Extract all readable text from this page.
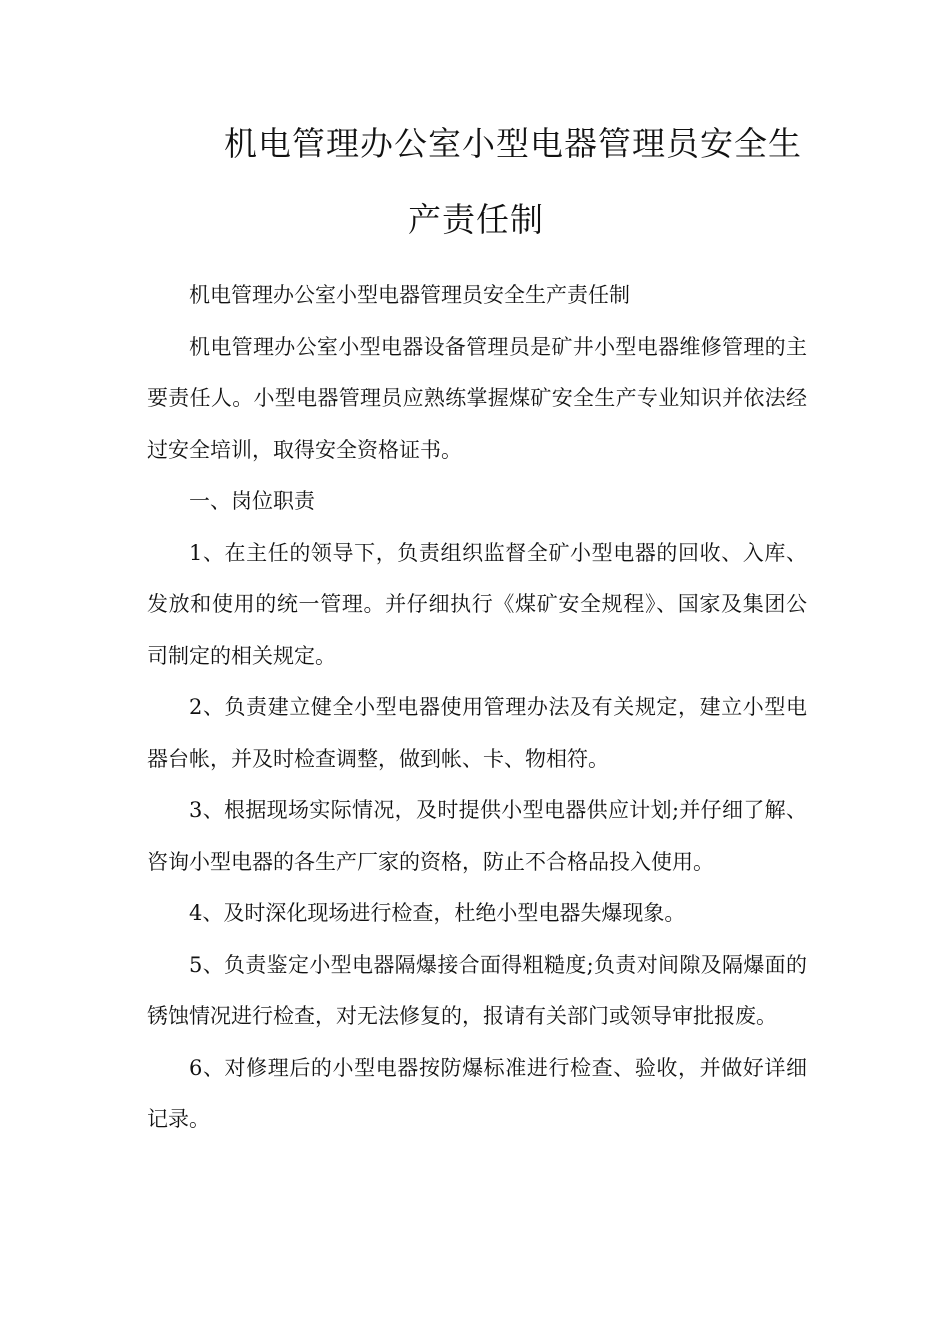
机电管理办公室小型电器管理员安全生
产责任制

机电管理办公室小型电器管理员安全生产责任制

机电管理办公室小型电器设备管理员是矿井小型电器维修管理的主要责任人。小型电器管理员应熟练掌握煤矿安全生产专业知识并依法经过安全培训，取得安全资格证书。

一、岗位职责

1、在主任的领导下，负责组织监督全矿小型电器的回收、入库、发放和使用的统一管理。并仔细执行《煤矿安全规程》、国家及集团公司制定的相关规定。

2、负责建立健全小型电器使用管理办法及有关规定，建立小型电器台帐，并及时检查调整，做到帐、卡、物相符。

3、根据现场实际情况，及时提供小型电器供应计划;并仔细了解、咨询小型电器的各生产厂家的资格，防止不合格品投入使用。

4、及时深化现场进行检查，杜绝小型电器失爆现象。

5、负责鉴定小型电器隔爆接合面得粗糙度;负责对间隙及隔爆面的锈蚀情况进行检查，对无法修复的，报请有关部门或领导审批报废。

6、对修理后的小型电器按防爆标准进行检查、验收，并做好详细记录。
